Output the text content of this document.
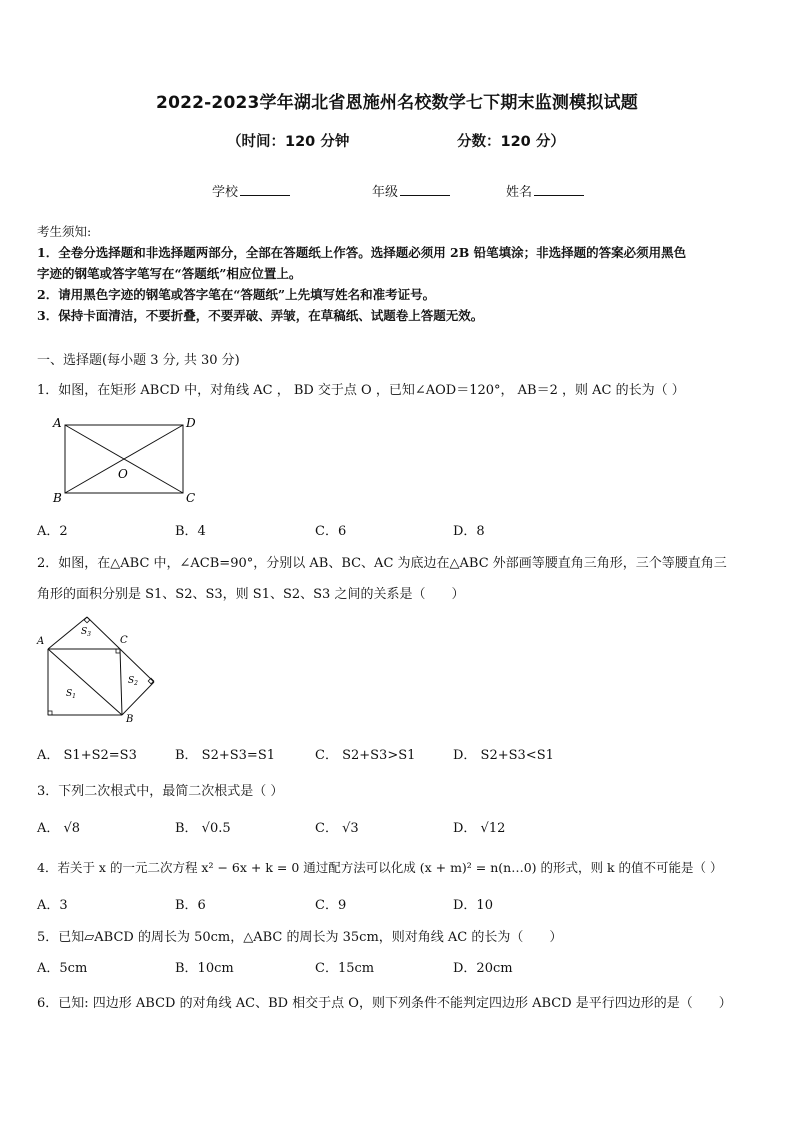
2022-2023学年湖北省恩施州名校数学七下期末监测模拟试题
（时间：120 分钟	分数：120 分）
学校	年级	姓名
考生须知:
1．全卷分选择题和非选择题两部分，全部在答题纸上作答。选择题必须用 2B 铅笔填涂；非选择题的答案必须用黑色
字迹的钢笔或答字笔写在“答题纸”相应位置上。
2．请用黑色字迹的钢笔或答字笔在“答题纸”上先填写姓名和准考证号。
3．保持卡面清洁，不要折叠，不要弄破、弄皱，在草稿纸、试题卷上答题无效。
一、选择题(每小题 3 分, 共 30 分)
1．如图，在矩形 ABCD 中，对角线 AC ， BD 交于点 O ，已知∠AOD＝120°， AB＝2 ，则 AC 的长为（ ）
A	D
B	C
O
A．2	B．4	C．6	D．8
2．如图，在△ABC 中，∠ACB=90°，分别以 AB、BC、AC 为底边在△ABC 外部画等腰直角三角形，三个等腰直角三
角形的面积分别是 S1、S2、S3，则 S1、S2、S3 之间的关系是（　　）
A	C
B
$S_3$
$S_2$
$S_1$
A． S1+S2=S3	B． S2+S3=S1	C． S2+S3>S1	D． S2+S3<S1
3．下列二次根式中，最简二次根式是（ ）
A． √8	B． √0.5	C． √3	D． √12
4．若关于 x 的一元二次方程 x² − 6x + k = 0 通过配方法可以化成 (x + m)² = n(n…0) 的形式，则 k 的值不可能是（ ）
A．3	B．6	C．9	D．10
5．已知▱ABCD 的周长为 50cm，△ABC 的周长为 35cm，则对角线 AC 的长为（　　）
A．5cm	B．10cm	C．15cm	D．20cm
6．已知: 四边形 ABCD 的对角线 AC、BD 相交于点 O，则下列条件不能判定四边形 ABCD 是平行四边形的是（　　）
